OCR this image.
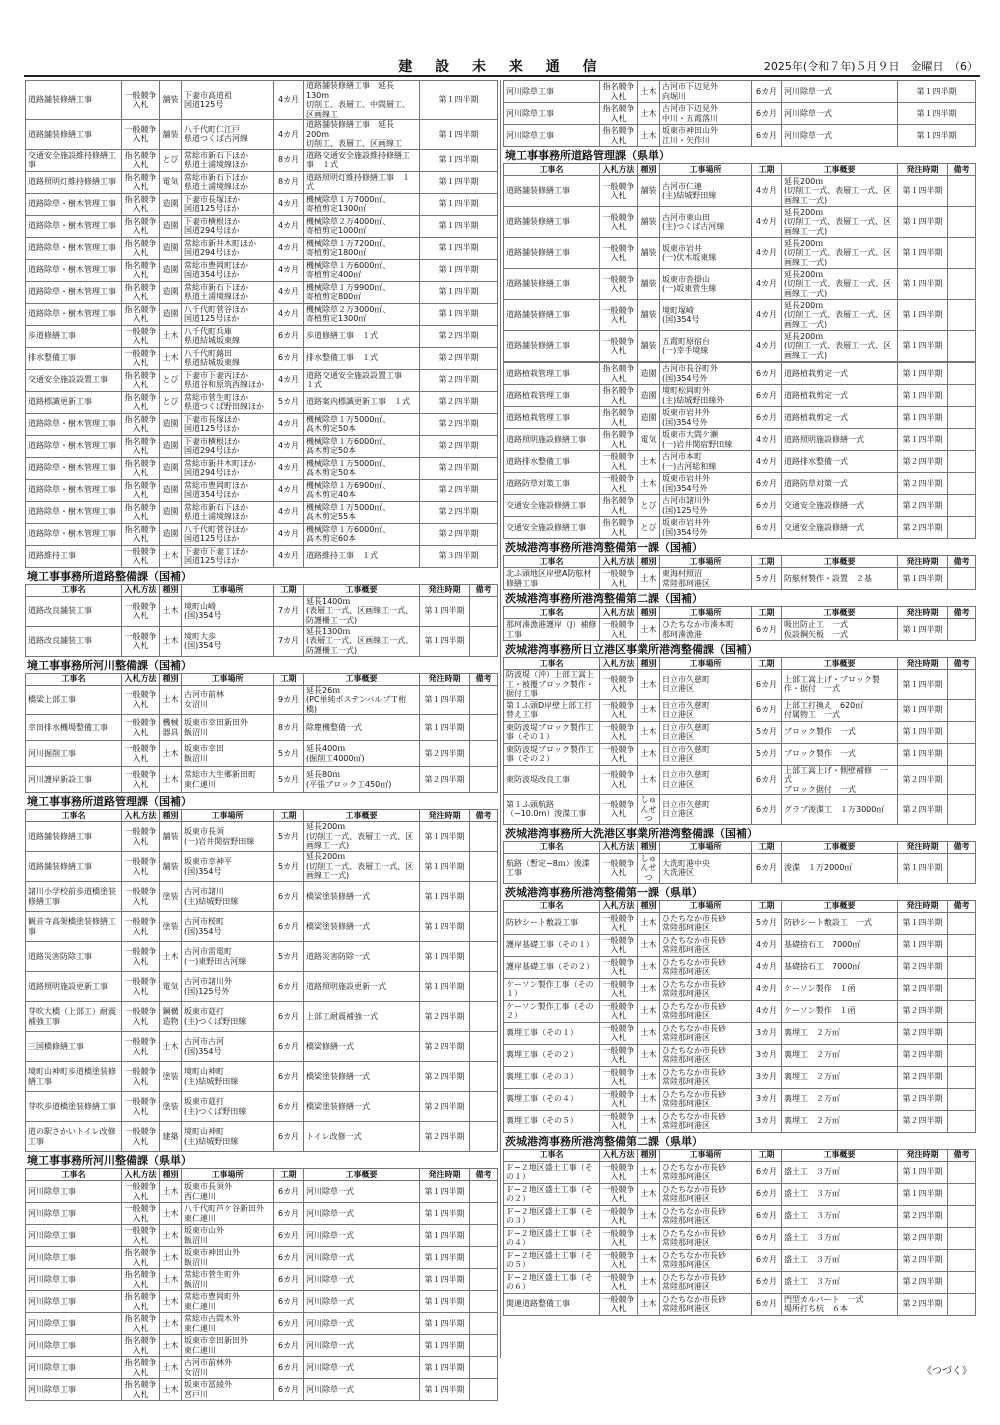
建 設 未 来 通 信	2025年(令和７年)５月９日　金曜日　（6）
道路舗装修繕工事	一般競争入札	舗装	下妻市高道祖
国道125号	4カ月	道路舗装修繕工事　延長130m
切削工、表層工、中間層工、区画線工	第１四半期
道路舗装修繕工事	一般競争入札	舗装	八千代町仁江戸
県道つくば古河線	4カ月	道路舗装修繕工事　延長200m
切削工、表層工、区画線工	第１四半期
交通安全施設維持修繕工事	指名競争入札	とび	常総市新石下ほか
県道土浦境線ほか	8カ月	道路交通安全施設維持修繕工事　１式	第１四半期
道路照明灯維持修繕工事	指名競争入札	電気	常総市新石下ほか
県道土浦境線ほか	8カ月	道路照明灯維持修繕工事　１式	第１四半期
道路除草・樹木管理工事	指名競争入札	造園	下妻市長塚ほか
国道125号ほか	4カ月	機械除草１万7000㎡、
寄植剪定1300㎡	第１四半期
道路除草・樹木管理工事	指名競争入札	造園	下妻市横根ほか
国道294号ほか	4カ月	機械除草２万4000㎡、
寄植剪定1000㎡	第１四半期
道路除草・樹木管理工事	指名競争入札	造園	常総市新井木町ほか
国道294号ほか	4カ月	機械除草１万7200㎡、
寄植剪定1800㎡	第１四半期
道路除草・樹木管理工事	指名競争入札	造園	常総市豊岡町ほか
国道354号ほか	4カ月	機械除草１万6000㎡、
寄植剪定400㎡	第１四半期
道路除草・樹木管理工事	指名競争入札	造園	常総市新石下ほか
県道土浦境線ほか	4カ月	機械除草１万9900㎡、
寄植剪定800㎡	第１四半期
道路除草・樹木管理工事	指名競争入札	造園	八千代町菅谷ほか
国道125号ほか	4カ月	機械除草２万3000㎡、
寄植剪定1300㎡	第１四半期
歩道修繕工事	一般競争入札	土木	八千代町兵庫
県道結城坂東線	6カ月	歩道修繕工事　１式	第２四半期
排水整備工事	一般競争入札	土木	八千代町蕗田
県道結城坂東線	6カ月	排水整備工事　１式	第２四半期
交通安全施設設置工事	指名競争入札	とび	下妻市下妻丙ほか
県道谷和原筑西線ほか	4カ月	道路交通安全施設設置工事
１式	第２四半期
道路標識更新工事	指名競争入札	とび	常総市菅生町ほか
県道つくば野田線ほか	5カ月	道路案内標識更新工事　１式	第２四半期
道路除草・樹木管理工事	指名競争入札	造園	下妻市長塚ほか
国道125号ほか	4カ月	機械除草１万5000㎡、
高木剪定50本	第２四半期
道路除草・樹木管理工事	指名競争入札	造園	下妻市横根ほか
国道294号ほか	4カ月	機械除草１万6000㎡、
高木剪定50本	第２四半期
道路除草・樹木管理工事	指名競争入札	造園	常総市新井木町ほか
国道294号ほか	4カ月	機械除草１万5000㎡、
高木剪定50本	第２四半期
道路除草・樹木管理工事	指名競争入札	造園	常総市豊岡町ほか
国道354号ほか	4カ月	機械除草１万6900㎡、
高木剪定40本	第２四半期
道路除草・樹木管理工事	指名競争入札	造園	常総市新石下ほか
県道土浦境線ほか	4カ月	機械除草１万5000㎡、
高木剪定55本	第２四半期
道路除草・樹木管理工事	指名競争入札	造園	八千代町菅谷ほか
国道125号ほか	4カ月	機械除草１万6000㎡、
高木剪定60本	第２四半期
道路維持工事	一般競争入札	土木	下妻市下妻丁ほか
国道125号ほか	4カ月	道路維持工事　１式	第３四半期
境工事事務所道路整備課（国補）
工事名	入札方法	種別	工事場所	工期	工事概要	発注時期	備考
道路改良舗装工事	一般競争入札	土木	境町山崎
(国)354号	7カ月	延長1400ｍ
(表層工一式、区画線工一式、防護柵工一式)	第１四半期	
道路改良舗装工事	一般競争入札	土木	境町大歩
(国)354号	7カ月	延長1300ｍ
(表層工一式、区画線工一式、防護柵工一式)	第１四半期	
境工事事務所河川整備課（国補）
工事名	入札方法	種別	工事場所	工期	工事概要	発注時期	備考
橋梁上部工事	一般競争入札	土木	古河市前林
女沼川	9カ月	延長26ｍ
(PC単純ポステンバルブＴ桁橋)	第１四半期	
幸田排水機場整備工事	一般競争入札	機械器具	坂東市幸田新田外
飯沼川	8カ月	除塵機整備一式	第１四半期	
河川掘削工事	一般競争入札	土木	坂東市幸田
飯沼川	5カ月	延長400ｍ
(掘削工4000㎥)	第２四半期	
河川護岸新設工事	一般競争入札	土木	常総市大生郷新田町
東仁連川	5カ月	延長80ｍ
(平張ブロック工450㎡)	第２四半期	
境工事事務所道路管理課（国補）
工事名	入札方法	種別	工事場所	工期	工事概要	発注時期	備考
道路舗装修繕工事	一般競争入札	舗装	坂東市長須
(一)岩井関宿野田線	5カ月	延長200ｍ
(切削工一式、表層工一式、区画線工一式)	第１四半期	
道路舗装修繕工事	一般競争入札	舗装	坂東市幸神平
(国)354号	5カ月	延長200ｍ
(切削工一式、表層工一式、区画線工一式)	第１四半期	
諸川小学校前歩道橋塗装修繕工事	一般競争入札	塗装	古河市諸川
(主)結城野田線	6カ月	橋梁塗装修繕一式	第１四半期	
観音寺高架橋塗装修繕工事	一般競争入札	塗装	古河市桜町
(国)354号	6カ月	橋梁塗装修繕一式	第１四半期	
道路災害防除工事	一般競争入札	土木	古河市雷電町
(一)東野田古河線	5カ月	道路災害防除一式	第１四半期	
道路照明施設更新工事	一般競争入札	電気	古河市諸川外
(国)125号外	6カ月	道路照明施設更新一式	第１四半期	
芽吹大橋（上部工）耐震補強工事	一般競争入札	鋼構造物	坂東市莚打
(主)つくば野田線	6カ月	上部工耐震補強一式	第２四半期	
三国橋修繕工事	一般競争入札	土木	古河市古河
(国)354号	6カ月	橋梁修繕一式	第２四半期	
境町山神町歩道橋塗装修繕工事	一般競争入札	塗装	境町山神町
(主)結城野田線	6カ月	橋梁塗装修繕一式	第２四半期	
芽吹歩道橋塗装修繕工事	一般競争入札	塗装	坂東市莚打
(主)つくば野田線	6カ月	橋梁塗装修繕一式	第２四半期	
道の駅さかいトイレ改修工事	一般競争入札	建築	境町山神町
(主)結城野田線	6カ月	トイレ改修一式	第２四半期	
境工事事務所河川整備課（県単）
工事名	入札方法	種別	工事場所	工期	工事概要	発注時期	備考
河川除草工事	一般競争入札	土木	坂東市長須外
西仁連川	6カ月	河川除草一式	第１四半期	
河川除草工事	一般競争入札	土木	八千代町芦ケ谷新田外
東仁連川	6カ月	河川除草一式	第１四半期	
河川除草工事	一般競争入札	土木	坂東市山外
飯沼川	6カ月	河川除草一式	第１四半期	
河川除草工事	指名競争入札	土木	坂東市神田山外
飯沼川	6カ月	河川除草一式	第１四半期	
河川除草工事	指名競争入札	土木	常総市菅生町外
飯沼川	6カ月	河川除草一式	第１四半期	
河川除草工事	指名競争入札	土木	常総市豊岡町外
東仁連川	6カ月	河川除草一式	第１四半期	
河川除草工事	指名競争入札	土木	常総市古間木外
東仁連川	6カ月	河川除草一式	第１四半期	
河川除草工事	指名競争入札	土木	坂東市幸田新田外
東仁連川	6カ月	河川除草一式	第１四半期	
河川除草工事	指名競争入札	土木	古河市前林外
女沼川	6カ月	河川除草一式	第１四半期	
河川除草工事	指名競争入札	土木	坂東市冨綾外
宮戸川	6カ月	河川除草一式	第１四半期	
河川除草工事	指名競争入札	土木	古河市下辺見外
向堀川	6カ月	河川除草一式	第１四半期
河川除草工事	指名競争入札	土木	古河市下辺見外
中川・五霞落川	6カ月	河川除草一式	第１四半期
河川除草工事	指名競争入札	土木	坂東市神田山外
江川・矢作川	6カ月	河川除草一式	第１四半期
境工事事務所道路管理課（県単）
工事名	入札方法	種別	工事場所	工期	工事概要	発注時期	備考
道路舗装修繕工事	一般競争入札	舗装	古河市仁連
(主)結城野田線	4カ月	延長200ｍ
(切削工一式、表層工一式、区画線工一式)	第１四半期	
道路舗装修繕工事	一般競争入札	舗装	古河市東山田
(主)つくば古河線	4カ月	延長200ｍ
(切削工一式、表層工一式、区画線工一式)	第１四半期	
道路舗装修繕工事	一般競争入札	舗装	坂東市岩井
(一)伏木坂東線	4カ月	延長200ｍ
(切削工一式、表層工一式、区画線工一式)	第１四半期	
道路舗装修繕工事	一般競争入札	舗装	坂東市沓掛山
(一)坂東菅生線	4カ月	延長200ｍ
(切削工一式、表層工一式、区画線工一式)	第１四半期	
道路舗装修繕工事	一般競争入札	舗装	境町塚崎
(国)354号	4カ月	延長200ｍ
(切削工一式、表層工一式、区画線工一式)	第１四半期	
道路舗装修繕工事	一般競争入札	舗装	五霞町原宿台
(一)幸手境線	4カ月	延長200ｍ
(切削工一式、表層工一式、区画線工一式)	第１四半期	
道路植栽管理工事	指名競争入札	造園	古河市長谷町外
(国)354号外	6カ月	道路植栽剪定一式	第１四半期	
道路植栽管理工事	指名競争入札	造園	境町松岡町外
(主)結城野田線外	6カ月	道路植栽剪定一式	第１四半期	
道路植栽管理工事	指名競争入札	造園	坂東市岩井外
(国)354号外	6カ月	道路植栽剪定一式	第１四半期	
道路照明施設修繕工事	指名競争入札	電気	坂東市大間ケ瀬
(一)岩井関宿野田線	4カ月	道路照明施設修繕一式	第１四半期	
道路排水整備工事	一般競争入札	土木	古河市本町
(一)古河総和線	4カ月	道路排水整備一式	第２四半期	
道路防草対策工事	一般競争入札	土木	坂東市岩井外
(国)354号外	6カ月	道路防草対策一式	第２四半期	
交通安全施設修繕工事	指名競争入札	とび	古河市諸川外
(国)125号外	6カ月	交通安全施設修繕一式	第２四半期	
交通安全施設修繕工事	指名競争入札	とび	坂東市岩井外
(国)354号外	6カ月	交通安全施設修繕一式	第２四半期	
茨城港湾事務所港湾整備第一課（国補）
工事名	入札方法	種別	工事場所	工期	工事概要	発注時期	備考
北ふ頭地区岸壁A防舷材修繕工事	一般競争入札	土木	東海村照沼
常陸那珂港区	5カ月	防舷材製作・設置　２基	第１四半期	
茨城港湾事務所港湾整備第二課（国補）
工事名	入札方法	種別	工事場所	工期	工事概要	発注時期	備考
那珂湊漁港護岸（J）補修工事	一般競争入札	土木	ひたちなか市湊本町
那珂湊漁港	6カ月	吸出防止工　一式
仮設鋼矢板　一式	第１四半期	
茨城港湾事務所日立港区事業所港湾整備課（国補）
工事名	入札方法	種別	工事場所	工期	工事概要	発注時期	備考
防波堤（沖）上部工嵩上工・被覆ブロック製作・据付工事	一般競争入札	土木	日立市久慈町
日立港区	6カ月	上部工嵩上げ・ブロック製作・据付　一式	第１四半期	
第１ふ頭D岸壁上部工打替え工事	一般競争入札	土木	日立市久慈町
日立港区	6カ月	上部工打換え　620㎥
付属物工　一式	第１四半期	
東防波堤ブロック製作工事（その１）	一般競争入札	土木	日立市久慈町
日立港区	5カ月	ブロック製作　一式	第１四半期	
東防波堤ブロック製作工事（その２）	一般競争入札	土木	日立市久慈町
日立港区	5カ月	ブロック製作　一式	第１四半期	
東防波堤改良工事	一般競争入札	土木	日立市久慈町
日立港区	6カ月	上部工嵩上げ・側壁補修　一式
ブロック据付　一式	第２四半期	
第１ふ頭航路（−10.0m）浚渫工事	一般競争入札	しゅんせつ	日立市久慈町
日立港区	6カ月	グラブ浚渫工　１万3000㎥	第２四半期	
茨城港湾事務所大洗港区事業所港湾整備課（国補）
工事名	入札方法	種別	工事場所	工期	工事概要	発注時期	備考
航路（暫定−8ｍ）浚渫工事	一般競争入札	しゅんせつ	大洗町港中央
大洗港区	6カ月	浚渫　１万2000㎥	第１四半期	
茨城港湾事務所港湾整備第一課（県単）
工事名	入札方法	種別	工事場所	工期	工事概要	発注時期	備考
防砂シート敷設工事	一般競争入札	土木	ひたちなか市長砂
常陸那珂港区	5カ月	防砂シート敷設工　一式	第１四半期	
護岸基礎工事（その１）	一般競争入札	土木	ひたちなか市長砂
常陸那珂港区	4カ月	基礎捨石工　7000㎥	第１四半期	
護岸基礎工事（その２）	一般競争入札	土木	ひたちなか市長砂
常陸那珂港区	4カ月	基礎捨石工　7000㎥	第２四半期	
ケーソン製作工事（その１）	一般競争入札	土木	ひたちなか市長砂
常陸那珂港区	4カ月	ケーソン製作　１函	第２四半期	
ケーソン製作工事（その２）	一般競争入札	土木	ひたちなか市長砂
常陸那珂港区	4カ月	ケーソン製作　１函	第２四半期	
裏埋工事（その１）	一般競争入札	土木	ひたちなか市長砂
常陸那珂港区	3カ月	裏埋工　２万㎥	第２四半期	
裏埋工事（その２）	一般競争入札	土木	ひたちなか市長砂
常陸那珂港区	3カ月	裏埋工　２万㎥	第２四半期	
裏埋工事（その３）	一般競争入札	土木	ひたちなか市長砂
常陸那珂港区	3カ月	裏埋工　２万㎥	第２四半期	
裏埋工事（その４）	一般競争入札	土木	ひたちなか市長砂
常陸那珂港区	3カ月	裏埋工　２万㎥	第２四半期	
裏埋工事（その５）	一般競争入札	土木	ひたちなか市長砂
常陸那珂港区	3カ月	裏埋工　２万㎥	第２四半期	
茨城港湾事務所港湾整備第二課（県単）
工事名	入札方法	種別	工事場所	工期	工事概要	発注時期	備考
Ｆ−２地区盛土工事（その１）	一般競争入札	土木	ひたちなか市長砂
常陸那珂港区	6カ月	盛土工　３万㎥	第１四半期	
Ｆ−２地区盛土工事（その２）	一般競争入札	土木	ひたちなか市長砂
常陸那珂港区	6カ月	盛土工　３万㎥	第１四半期	
Ｆ−２地区盛土工事（その３）	一般競争入札	土木	ひたちなか市長砂
常陸那珂港区	6カ月	盛土工　３万㎥	第２四半期	
Ｆ−２地区盛土工事（その４）	一般競争入札	土木	ひたちなか市長砂
常陸那珂港区	6カ月	盛土工　３万㎥	第２四半期	
Ｆ−２地区盛土工事（その５）	一般競争入札	土木	ひたちなか市長砂
常陸那珂港区	6カ月	盛土工　３万㎥	第２四半期	
Ｆ−２地区盛土工事（その６）	一般競争入札	土木	ひたちなか市長砂
常陸那珂港区	6カ月	盛土工　３万㎥	第２四半期	
関連道路整備工事	一般競争入札	土木	ひたちなか市長砂
常陸那珂港区	6カ月	門型カルバート　一式
場所打ち杭　６本	第２四半期	
《つづく》
